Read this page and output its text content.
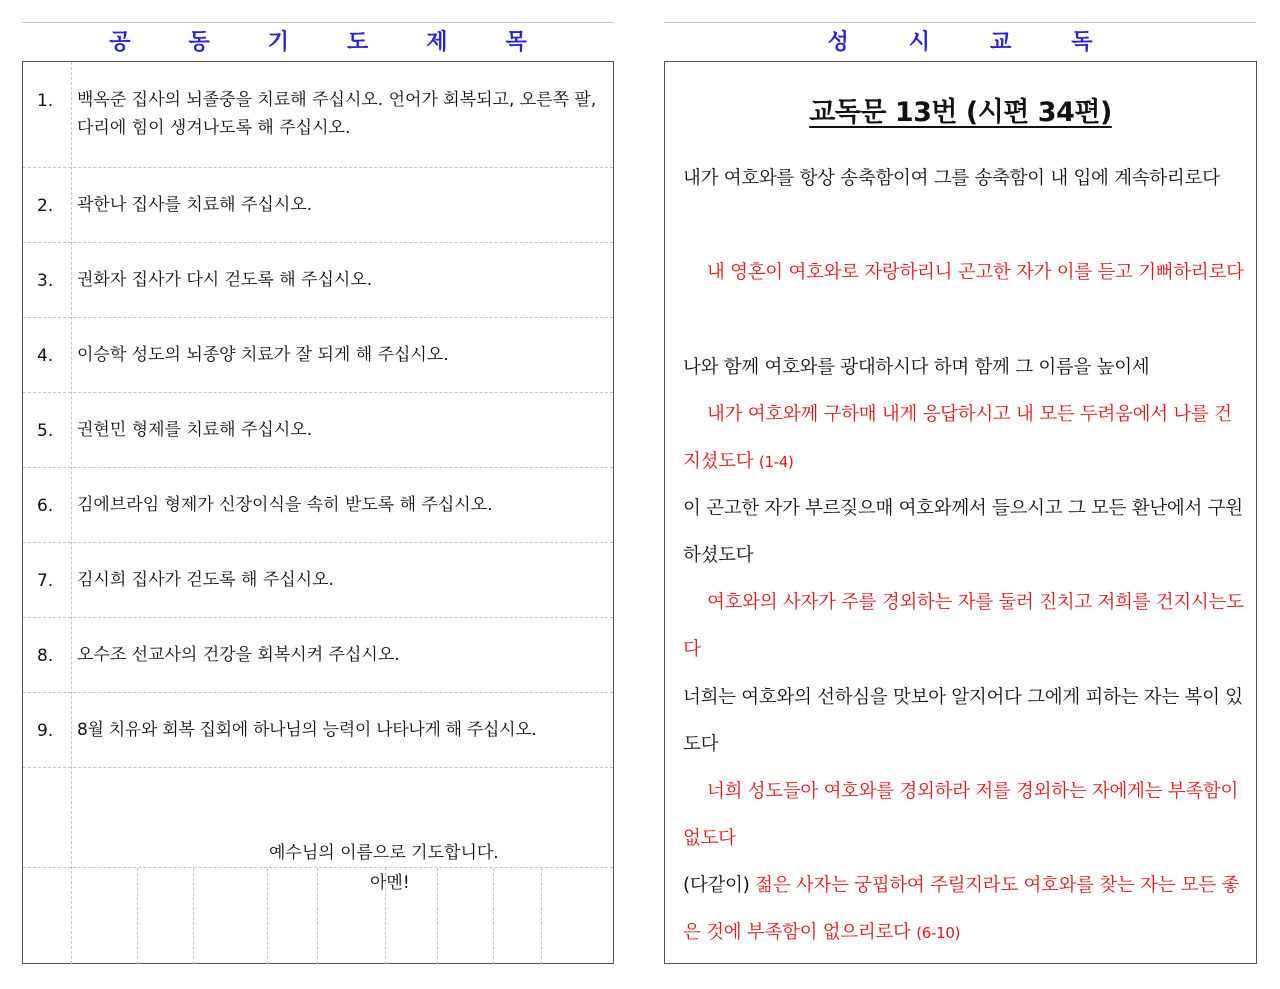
공	동	기	도	제	목
1. 백옥준 집사의 뇌졸중을 치료해 주십시오. 언어가 회복되고, 오른쪽 팔, 다리에 힘이 생겨나도록 해 주십시오.
2. 곽한나 집사를 치료해 주십시오.
3. 권화자 집사가 다시 걷도록 해 주십시오.
4. 이승학 성도의 뇌종양 치료가 잘 되게 해 주십시오.
5. 권현민 형제를 치료해 주십시오.
6. 김에브라임 형제가 신장이식을 속히 받도록 해 주십시오.
7. 김시희 집사가 걷도록 해 주십시오.
8. 오수조 선교사의 건강을 회복시켜 주십시오.
9. 8월 치유와 회복 집회에 하나님의 능력이 나타나게 해 주십시오.
예수님의 이름으로 기도합니다.
아멘!
성	시	교	독
교독문 13번 (시편 34편)
내가 여호와를 항상 송축함이여 그를 송축함이 내 입에 계속하리로다
내 영혼이 여호와로 자랑하리니 곤고한 자가 이를 듣고 기뻐하리로다
나와 함께 여호와를 광대하시다 하며 함께 그 이름을 높이세
내가 여호와께 구하매 내게 응답하시고 내 모든 두려움에서 나를 건지셨도다 (1-4)
이 곤고한 자가 부르짖으매 여호와께서 들으시고 그 모든 환난에서 구원하셨도다
여호와의 사자가 주를 경외하는 자를 둘러 진치고 저희를 건지시는도다
너희는 여호와의 선하심을 맛보아 알지어다 그에게 피하는 자는 복이 있도다
너희 성도들아 여호와를 경외하라 저를 경외하는 자에게는 부족함이 없도다
(다같이) 젊은 사자는 궁핍하여 주릴지라도 여호와를 찾는 자는 모든 좋은 것에 부족함이 없으리로다 (6-10)
